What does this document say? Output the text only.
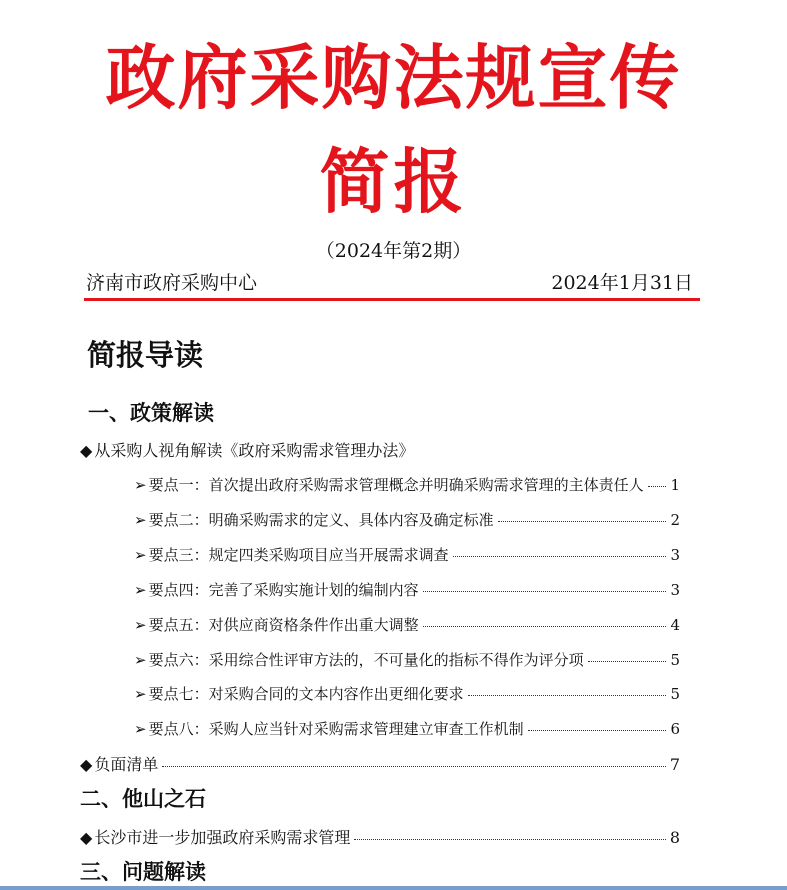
政府采购法规宣传
简报
（2024年第2期）
济南市政府采购中心	2024年1月31日
简报导读
一、政策解读
◆ 从采购人视角解读《政府采购需求管理办法》
➢ 要点一：首次提出政府采购需求管理概念并明确采购需求管理的主体责任人 1
➢ 要点二：明确采购需求的定义、具体内容及确定标准	2
➢ 要点三：规定四类采购项目应当开展需求调查	3
➢ 要点四：完善了采购实施计划的编制内容	3
➢ 要点五：对供应商资格条件作出重大调整	4
➢ 要点六：采用综合性评审方法的，不可量化的指标不得作为评分项	5
➢ 要点七：对采购合同的文本内容作出更细化要求	5
➢ 要点八：采购人应当针对采购需求管理建立审查工作机制	6
◆ 负面清单	7
二、他山之石
◆ 长沙市进一步加强政府采购需求管理	8
三、问题解读
